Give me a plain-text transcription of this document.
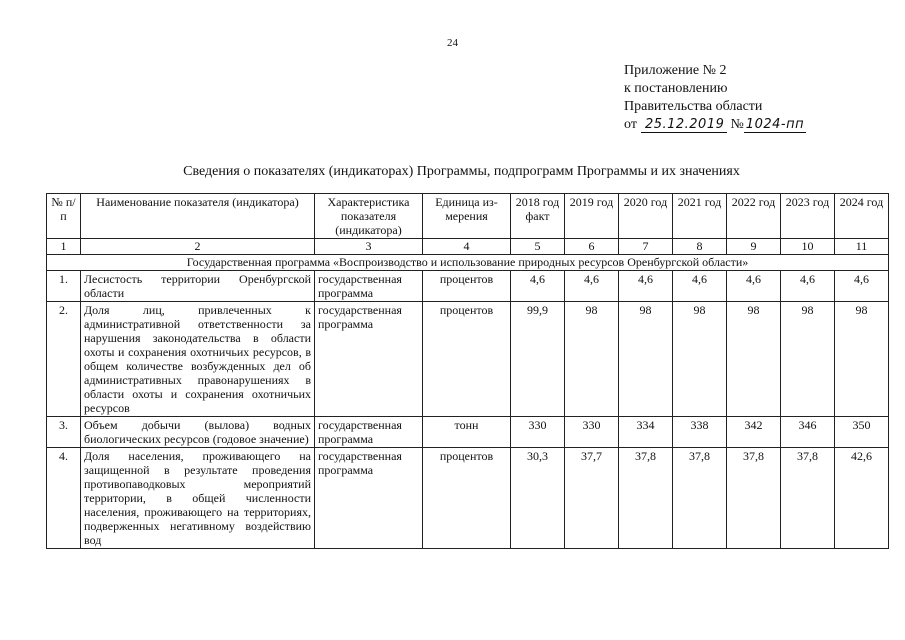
24
Приложение № 2
к постановлению
Правительства области
от 25.12.2019 № 1024-пп
Сведения о показателях (индикаторах) Программы, подпрограмм Программы и их значениях
№ п/п	Наименование показателя (индикатора)	Характеристика показателя (индикатора)	Единица из-мерения	2018 год факт	2019 год	2020 год	2021 год	2022 год	2023 год	2024 год
1	2	3	4	5	6	7	8	9	10	11
Государственная программа «Воспроизводство и использование природных ресурсов Оренбургской области»										
1.	Лесистость территории Оренбургской области	государственная программа	процентов	4,6	4,6	4,6	4,6	4,6	4,6	4,6
2.	Доля лиц, привлеченных к административной ответственности за нарушения законодательства в области охоты и сохранения охотничьих ресурсов, в общем количестве возбужденных дел об административных правонарушениях в области охоты и сохранения охотничьих ресурсов	государственная программа	процентов	99,9	98	98	98	98	98	98
3.	Объем добычи (вылова) водных биологических ресурсов (годовое значение)	государственная программа	тонн	330	330	334	338	342	346	350
4.	Доля населения, проживающего на защищенной в результате проведения противопаводковых мероприятий территории, в общей численности населения, проживающего на территориях, подверженных негативному воздействию вод	государственная программа	процентов	30,3	37,7	37,8	37,8	37,8	37,8	42,6
